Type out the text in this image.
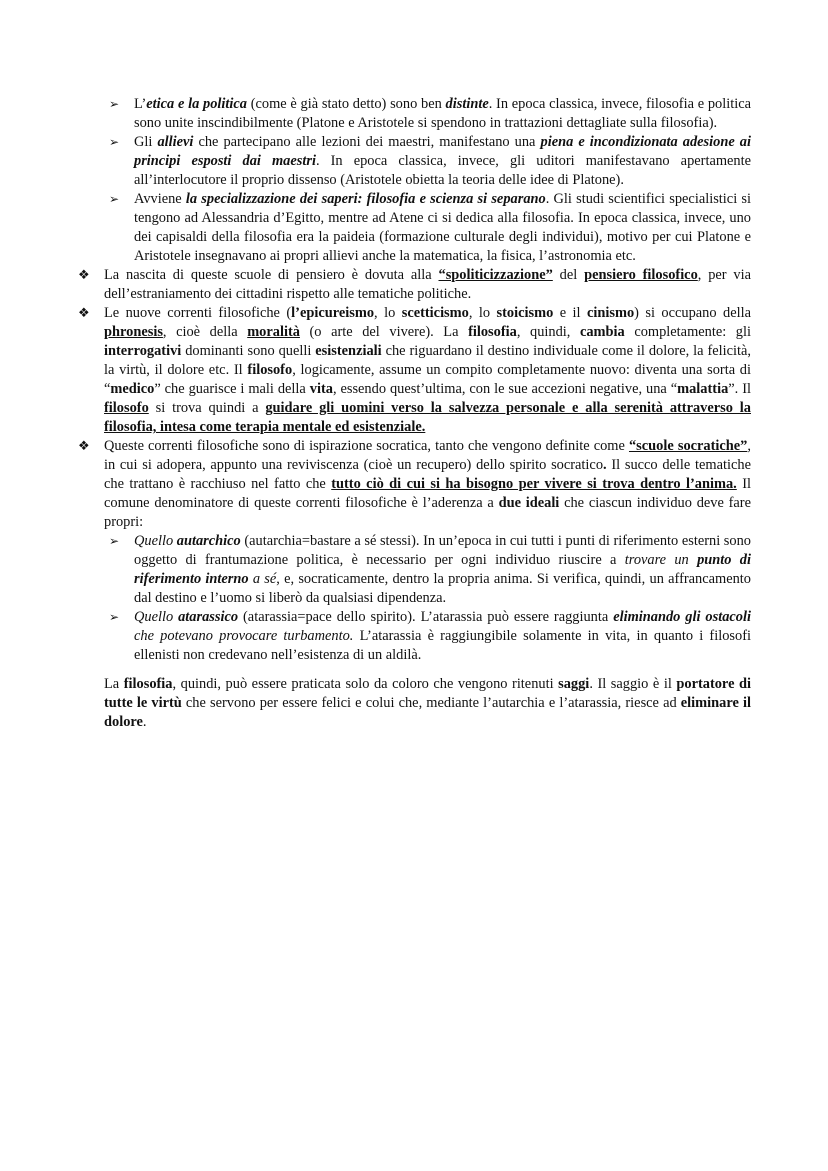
➢ L’etica e la politica (come è già stato detto) sono ben distinte. In epoca classica, invece, filosofia e politica sono unite inscindibilmente (Platone e Aristotele si spendono in trattazioni dettagliate sulla filosofia).
➢ Gli allievi che partecipano alle lezioni dei maestri, manifestano una piena e incondizionata adesione ai principi esposti dai maestri. In epoca classica, invece, gli uditori manifestavano apertamente all’interlocutore il proprio dissenso (Aristotele obietta la teoria delle idee di Platone).
➢ Avviene la specializzazione dei saperi: filosofia e scienza si separano. Gli studi scientifici specialistici si tengono ad Alessandria d’Egitto, mentre ad Atene ci si dedica alla filosofia. In epoca classica, invece, uno dei capisaldi della filosofia era la paideia (formazione culturale degli individui), motivo per cui Platone e Aristotele insegnavano ai propri allievi anche la matematica, la fisica, l’astronomia etc.
❖ La nascita di queste scuole di pensiero è dovuta alla “spoliticizzazione” del pensiero filosofico, per via dell’estraniamento dei cittadini rispetto alle tematiche politiche.
❖ Le nuove correnti filosofiche (l’epicureismo, lo scetticismo, lo stoicismo e il cinismo) si occupano della phronesis, cioè della moralità (o arte del vivere). La filosofia, quindi, cambia completamente: gli interrogativi dominanti sono quelli esistenziali che riguardano il destino individuale come il dolore, la felicità, la virtù, il dolore etc. Il filosofo, logicamente, assume un compito completamente nuovo: diventa una sorta di “medico” che guarisce i mali della vita, essendo quest’ultima, con le sue accezioni negative, una “malattia”. Il filosofo si trova quindi a guidare gli uomini verso la salvezza personale e alla serenità attraverso la filosofia, intesa come terapia mentale ed esistenziale.
❖ Queste correnti filosofiche sono di ispirazione socratica, tanto che vengono definite come “scuole socratiche”, in cui si adopera, appunto una reviviscenza (cioè un recupero) dello spirito socratico. Il succo delle tematiche che trattano è racchiuso nel fatto che tutto ciò di cui si ha bisogno per vivere si trova dentro l’anima. Il comune denominatore di queste correnti filosofiche è l’aderenza a due ideali che ciascun individuo deve fare propri:
➢ Quello autarchico (autarchia=bastare a sé stessi). In un’epoca in cui tutti i punti di riferimento esterni sono oggetto di frantumazione politica, è necessario per ogni individuo riuscire a trovare un punto di riferimento interno a sé, e, socraticamente, dentro la propria anima. Si verifica, quindi, un affrancamento dal destino e l’uomo si liberò da qualsiasi dipendenza.
➢ Quello atarassico (atarassia=pace dello spirito). L’atarassia può essere raggiunta eliminando gli ostacoli che potevano provocare turbamento. L’atarassia è raggiungibile solamente in vita, in quanto i filosofi ellenisti non credevano nell’esistenza di un aldilà.
La filosofia, quindi, può essere praticata solo da coloro che vengono ritenuti saggi. Il saggio è il portatore di tutte le virtù che servono per essere felici e colui che, mediante l’autarchia e l’atarassia, riesce ad eliminare il dolore.
